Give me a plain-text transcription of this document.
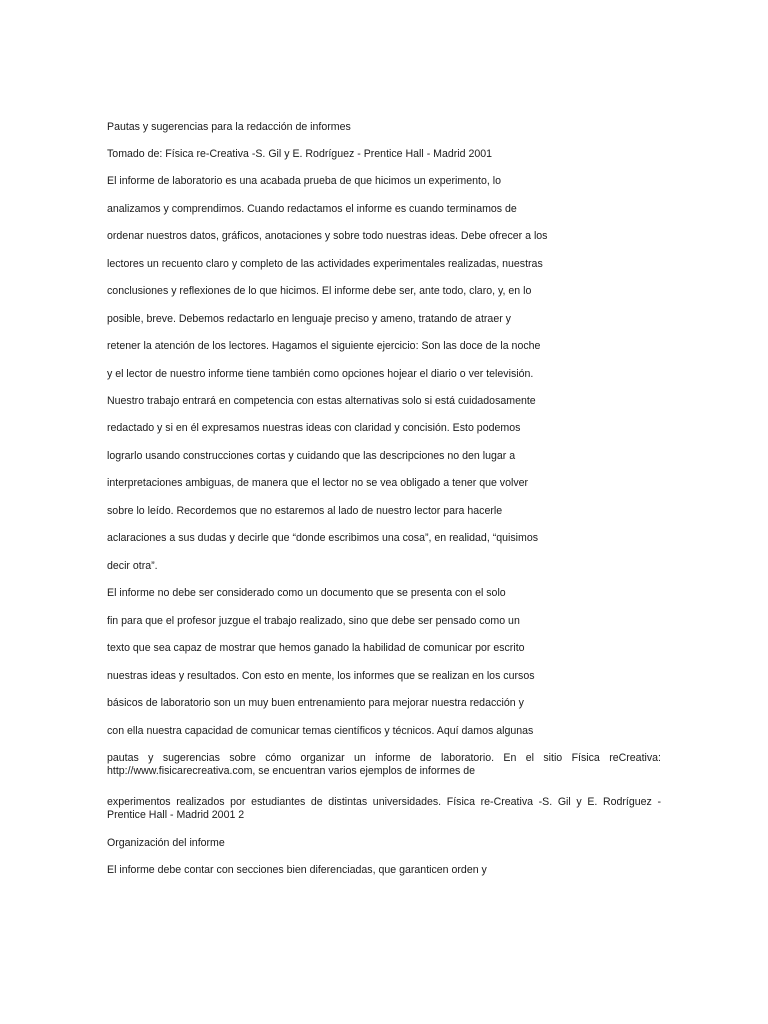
Pautas y sugerencias para la redacción de informes
Tomado de: Física re-Creativa -S. Gil y E. Rodríguez - Prentice Hall - Madrid 2001
El informe de laboratorio es una acabada prueba de que hicimos un experimento, lo
analizamos y comprendimos. Cuando redactamos el informe es cuando terminamos de
ordenar nuestros datos, gráficos, anotaciones y sobre todo nuestras ideas. Debe ofrecer a los
lectores un recuento claro y completo de las actividades experimentales realizadas, nuestras
conclusiones y reflexiones de lo que hicimos. El informe debe ser, ante todo, claro, y, en lo
posible, breve. Debemos redactarlo en lenguaje preciso y ameno, tratando de atraer y
retener la atención de los lectores. Hagamos el siguiente ejercicio: Son las doce de la noche
y el lector de nuestro informe tiene también como opciones hojear el diario o ver televisión.
Nuestro trabajo entrará en competencia con estas alternativas solo si está cuidadosamente
redactado y si en él expresamos nuestras ideas con claridad y concisión. Esto podemos
lograrlo usando construcciones cortas y cuidando que las descripciones no den lugar a
interpretaciones ambiguas, de manera que el lector no se vea obligado a tener que volver
sobre lo leído. Recordemos que no estaremos al lado de nuestro lector para hacerle
aclaraciones a sus dudas y decirle que “donde escribimos una cosa”, en realidad, “quisimos
decir otra”.
El informe no debe ser considerado como un documento que se presenta con el solo
fin para que el profesor juzgue el trabajo realizado, sino que debe ser pensado como un
texto que sea capaz de mostrar que hemos ganado la habilidad de comunicar por escrito
nuestras ideas y resultados. Con esto en mente, los informes que se realizan en los cursos
básicos de laboratorio son un muy buen entrenamiento para mejorar nuestra redacción y
con ella nuestra capacidad de comunicar temas científicos y técnicos. Aquí damos algunas
pautas y sugerencias sobre cómo organizar un informe de laboratorio. En el sitio Física reCreativa: http://www.fisicarecreativa.com, se encuentran varios ejemplos de informes de
experimentos realizados por estudiantes de distintas universidades. Física re-Creativa -S. Gil y E. Rodríguez - Prentice Hall - Madrid 2001 2
Organización del informe
El informe debe contar con secciones bien diferenciadas, que garanticen orden y
